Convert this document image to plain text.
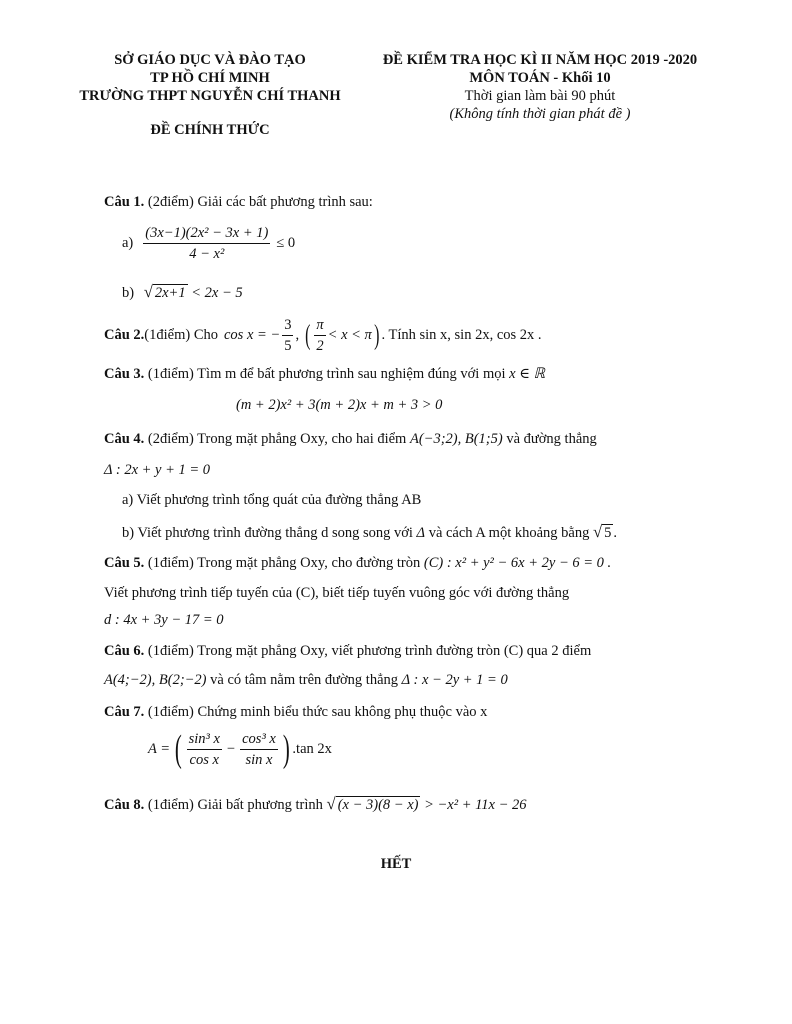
SỞ GIÁO DỤC VÀ ĐÀO TẠO
TP HỒ CHÍ MINH
TRƯỜNG THPT NGUYỄN CHÍ THANH
ĐỀ CHÍNH THỨC
ĐỀ KIỂM TRA HỌC KÌ II NĂM HỌC 2019 -2020
MÔN TOÁN - Khối 10
Thời gian làm bài 90 phút
(Không tính thời gian phát đề )
Câu 1. (2điểm) Giải các bất phương trình sau:
$a) \frac{\text{(3x−1)(2x² − 3x + 1)}}{\text{4 − x²}} \le 0$
b) √ 2x+1 < 2x − 5
Câu 2. (1điểm) Cho cos x = − $\frac{3}{5}$ , ( $\frac{\pi}{2} < x < \pi$ ) . Tính sin x, sin 2x, cos 2x .
Câu 3. (1điểm) Tìm m để bất phương trình sau nghiệm đúng với mọi x ∈ ℝ
(m + 2)x² + 3(m + 2)x + m + 3 > 0
Câu 4. (2điểm) Trong mặt phẳng Oxy, cho hai điểm A(−3;2), B(1;5) và đường thẳng
Δ : 2x + y + 1 = 0
a) Viết phương trình tổng quát của đường thẳng AB
b) Viết phương trình đường thẳng d song song với Δ và cách A một khoảng bằng √ 5 .
Câu 5. (1điểm) Trong mặt phẳng Oxy, cho đường tròn (C) : x² + y² − 6x + 2y − 6 = 0 .
Viết phương trình tiếp tuyến của (C), biết tiếp tuyến vuông góc với đường thẳng
d : 4x + 3y − 17 = 0
Câu 6. (1điểm) Trong mặt phẳng Oxy, viết phương trình đường tròn (C) qua 2 điểm
A(4;−2), B(2;−2) và có tâm nằm trên đường thẳng Δ : x − 2y + 1 = 0
Câu 7. (1điểm) Chứng minh biểu thức sau không phụ thuộc vào x
A = ( $\frac{\text{sin³ x}}{\text{cos x}} - \frac{\text{cos³ x}}{\text{sin x}}$ ) .tan 2x
Câu 8. (1điểm) Giải bất phương trình √ (x − 3)(8 − x) > −x² + 11x − 26
HẾT
